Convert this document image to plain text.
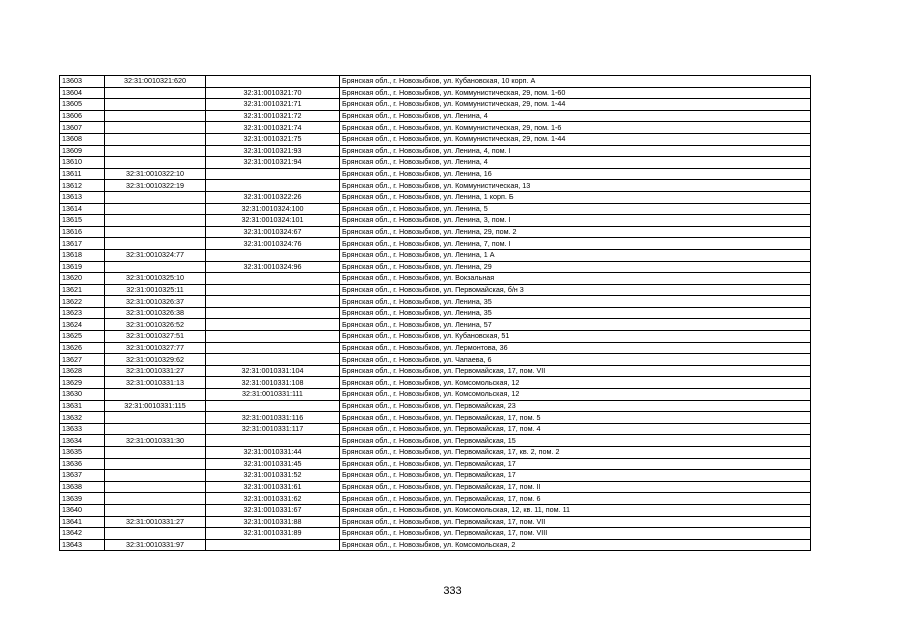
13603	32:31:0010321:620		Брянская обл., г. Новозыбков, ул. Кубановская, 10 корп. А
13604		32:31:0010321:70	Брянская обл., г. Новозыбков, ул. Коммунистическая, 29, пом. 1-60
13605		32:31:0010321:71	Брянская обл., г. Новозыбков, ул. Коммунистическая, 29, пом. 1-44
13606		32:31:0010321:72	Брянская обл., г. Новозыбков, ул. Ленина, 4
13607		32:31:0010321:74	Брянская обл., г. Новозыбков, ул. Коммунистическая, 29, пом. 1-6
13608		32:31:0010321:75	Брянская обл., г. Новозыбков, ул. Коммунистическая, 29, пом. 1-44
13609		32:31:0010321:93	Брянская обл., г. Новозыбков, ул. Ленина, 4, пом. I
13610		32:31:0010321:94	Брянская обл., г. Новозыбков, ул. Ленина, 4
13611	32:31:0010322:10		Брянская обл., г. Новозыбков, ул. Ленина, 16
13612	32:31:0010322:19		Брянская обл., г. Новозыбков, ул. Коммунистическая, 13
13613		32:31:0010322:26	Брянская обл., г. Новозыбков, ул. Ленина, 1 корп. Б
13614		32:31:0010324:100	Брянская обл., г. Новозыбков, ул. Ленина, 5
13615		32:31:0010324:101	Брянская обл., г. Новозыбков, ул. Ленина, 3, пом. I
13616		32:31:0010324:67	Брянская обл., г. Новозыбков, ул. Ленина, 29, пом. 2
13617		32:31:0010324:76	Брянская обл., г. Новозыбков, ул. Ленина, 7, пом. I
13618	32:31:0010324:77		Брянская обл., г. Новозыбков, ул. Ленина, 1 А
13619		32:31:0010324:96	Брянская обл., г. Новозыбков, ул. Ленина, 29
13620	32:31:0010325:10		Брянская обл., г. Новозыбков, ул. Вокзальная
13621	32:31:0010325:11		Брянская обл., г. Новозыбков, ул. Первомайская, б/н 3
13622	32:31:0010326:37		Брянская обл., г. Новозыбков, ул. Ленина, 35
13623	32:31:0010326:38		Брянская обл., г. Новозыбков, ул. Ленина, 35
13624	32:31:0010326:52		Брянская обл., г. Новозыбков, ул. Ленина, 57
13625	32:31:0010327:51		Брянская обл., г. Новозыбков, ул. Кубановская, 51
13626	32:31:0010327:77		Брянская обл., г. Новозыбков, ул. Лермонтова, 36
13627	32:31:0010329:62		Брянская обл., г. Новозыбков, ул. Чапаева, 6
13628	32:31:0010331:27	32:31:0010331:104	Брянская обл., г. Новозыбков, ул. Первомайская, 17, пом. VII
13629	32:31:0010331:13	32:31:0010331:108	Брянская обл., г. Новозыбков, ул. Комсомольская, 12
13630		32:31:0010331:111	Брянская обл., г. Новозыбков, ул. Комсомольская, 12
13631	32:31:0010331:115		Брянская обл., г. Новозыбков, ул. Первомайская, 23
13632		32:31:0010331:116	Брянская обл., г. Новозыбков, ул. Первомайская, 17, пом. 5
13633		32:31:0010331:117	Брянская обл., г. Новозыбков, ул. Первомайская, 17, пом. 4
13634	32:31:0010331:30		Брянская обл., г. Новозыбков, ул. Первомайская, 15
13635		32:31:0010331:44	Брянская обл., г. Новозыбков, ул. Первомайская, 17, кв. 2, пом. 2
13636		32:31:0010331:45	Брянская обл., г. Новозыбков, ул. Первомайская, 17
13637		32:31:0010331:52	Брянская обл., г. Новозыбков, ул. Первомайская, 17
13638		32:31:0010331:61	Брянская обл., г. Новозыбков, ул. Первомайская, 17, пом. II
13639		32:31:0010331:62	Брянская обл., г. Новозыбков, ул. Первомайская, 17, пом. 6
13640		32:31:0010331:67	Брянская обл., г. Новозыбков, ул. Комсомольская, 12, кв. 11, пом. 11
13641	32:31:0010331:27	32:31:0010331:88	Брянская обл., г. Новозыбков, ул. Первомайская, 17, пом. VII
13642		32:31:0010331:89	Брянская обл., г. Новозыбков, ул. Первомайская, 17, пом. VIII
13643	32:31:0010331:97		Брянская обл., г. Новозыбков, ул. Комсомольская, 2
333
